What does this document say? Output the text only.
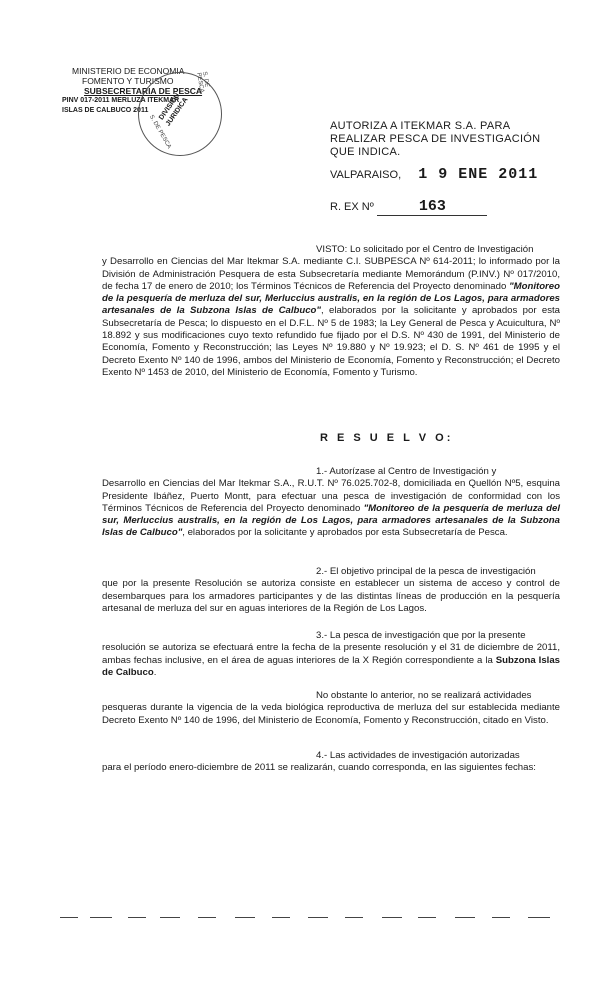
MINISTERIO DE ECONOMIA
FOMENTO Y TURISMO
SUBSECRETARIA DE PESCA
PINV 017-2011 MERLUZA ITEKMAR
ISLAS DE CALBUCO 2011	DIVISION JURIDICA
S. DE PESCA
S. DE PESCA
AUTORIZA A ITEKMAR S.A. PARA REALIZAR PESCA DE INVESTIGACIÓN QUE INDICA.
VALPARAISO, 1 9 ENE 2011
R. EX Nº	163
VISTO: Lo solicitado por el Centro de Investigación
y Desarrollo en Ciencias del Mar Itekmar S.A. mediante C.I. SUBPESCA Nº 614-2011; lo informado por la División de Administración Pesquera de esta Subsecretaría mediante Memorándum (P.INV.) Nº 017/2010, de fecha 17 de enero de 2010; los Términos Técnicos de Referencia del Proyecto denominado "Monitoreo de la pesquería de merluza del sur, Merluccius australis, en la región de Los Lagos, para armadores artesanales de la Subzona Islas de Calbuco", elaborados por la solicitante y aprobados por esta Subsecretaría de Pesca; lo dispuesto en el D.F.L. Nº 5 de 1983; la Ley General de Pesca y Acuicultura, Nº 18.892 y sus modificaciones cuyo texto refundido fue fijado por el D.S. Nº 430 de 1991, del Ministerio de Economía, Fomento y Reconstrucción; las Leyes Nº 19.880 y Nº 19.923; el D. S. Nº 461 de 1995 y el Decreto Exento Nº 140 de 1996, ambos del Ministerio de Economía, Fomento y Reconstrucción; el Decreto Exento Nº 1453 de 2010, del Ministerio de Economía, Fomento y Turismo.
R E S U E L V O:
1.- Autorízase al Centro de Investigación y
Desarrollo en Ciencias del Mar Itekmar S.A., R.U.T. Nº 76.025.702-8, domiciliada en Quellón Nº5, esquina Presidente Ibáñez, Puerto Montt, para efectuar una pesca de investigación de conformidad con los Términos Técnicos de Referencia del Proyecto denominado "Monitoreo de la pesquería de merluza del sur, Merluccius australis, en la región de Los Lagos, para armadores artesanales de la Subzona Islas de Calbuco", elaborados por la solicitante y aprobados por esta Subsecretaría de Pesca.
2.- El objetivo principal de la pesca de investigación
que por la presente Resolución se autoriza consiste en establecer un sistema de acceso y control de desembarques para los armadores participantes y de las distintas líneas de producción en la pesquería artesanal de merluza del sur en aguas interiores de la Región de Los Lagos.
3.- La pesca de investigación que por la presente
resolución se autoriza se efectuará entre la fecha de la presente resolución y el 31 de diciembre de 2011, ambas fechas inclusive, en el área de aguas interiores de la X Región correspondiente a la Subzona Islas de Calbuco.
No obstante lo anterior, no se realizará actividades
pesqueras durante la vigencia de la veda biológica reproductiva de merluza del sur establecida mediante Decreto Exento Nº 140 de 1996, del Ministerio de Economía, Fomento y Reconstrucción, citado en Visto.
4.- Las actividades de investigación autorizadas
para el período enero-diciembre de 2011 se realizarán, cuando corresponda, en las siguientes fechas:
